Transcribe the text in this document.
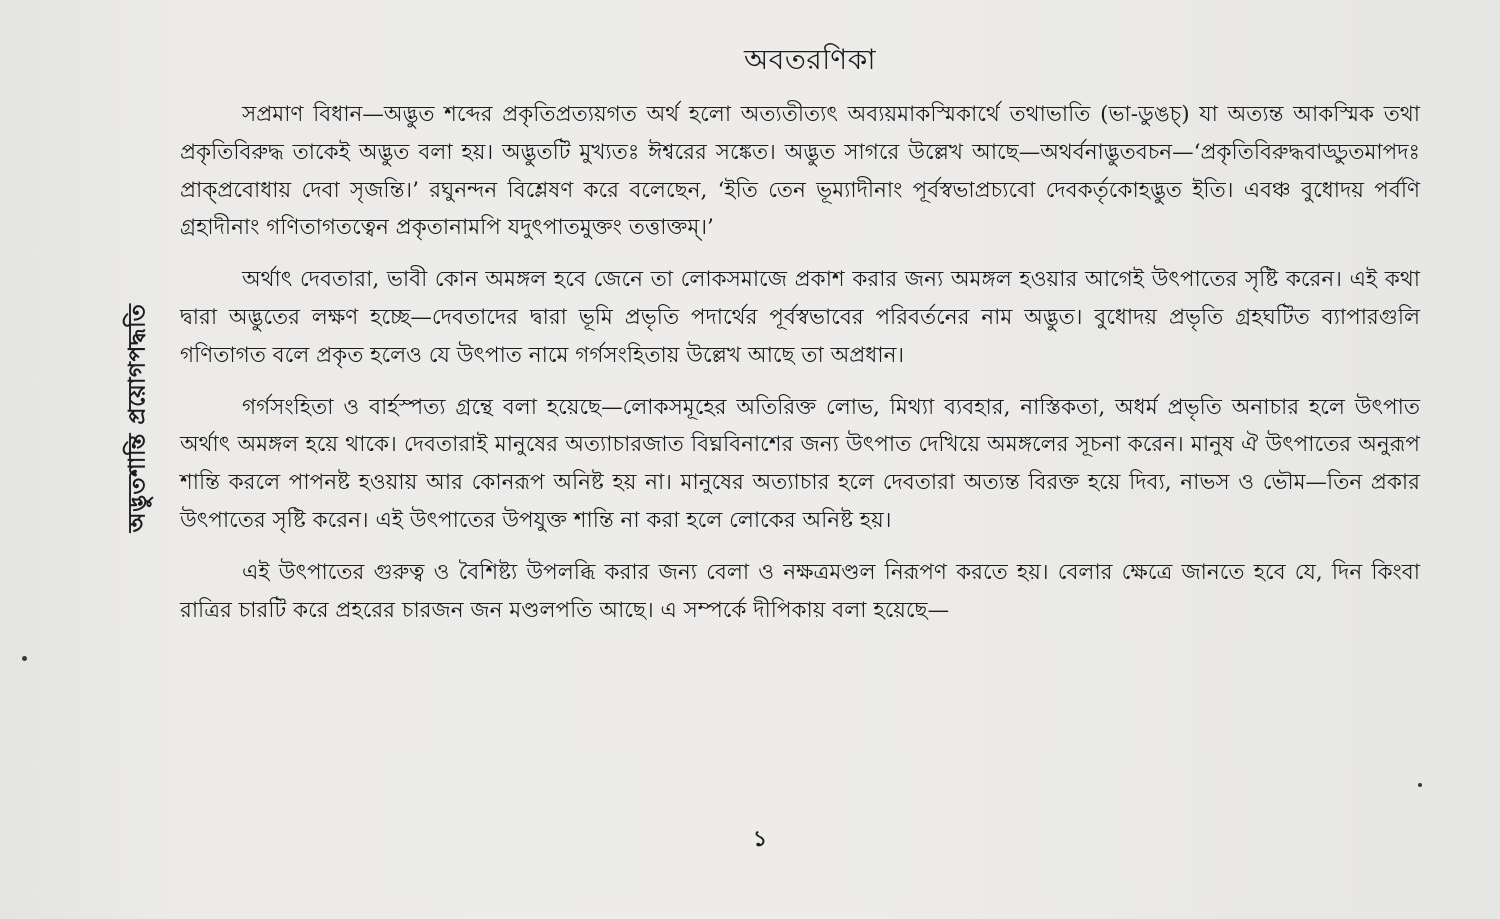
অদ্ভুতশান্তি প্রয়োগপদ্ধতি
অবতরণিকা

সপ্রমাণ বিধান—অদ্ভুত শব্দের প্রকৃতিপ্রত্যয়গত অর্থ হলো অত্যতীত্যৎ অব্যয়মাকস্মিকার্থে তথাভাতি (ভা-ডুঙচ্) যা অত্যন্ত আকস্মিক তথা প্রকৃতিবিরুদ্ধ তাকেই অদ্ভুত বলা হয়। অদ্ভুতটি মুখ্যতঃ ঈশ্বরের সঙ্কেত। অদ্ভুত সাগরে উল্লেখ আছে—অথর্বনাদ্ভুতবচন—‘প্রকৃতিবিরুদ্ধবাড্ডুতমাপদঃ প্রাক্প্রবোধায় দেবা সৃজন্তি।’ রঘুনন্দন বিশ্লেষণ করে বলেছেন, ‘ইতি তেন ভূম্যাদীনাং পূর্বস্বভাপ্রচ্যবো দেবকর্তৃকোহদ্ভুত ইতি। এবঞ্চ বুধোদয় পর্বণি গ্রহাদীনাং গণিতাগতত্বেন প্রকৃতানামপি যদুৎপাতমুক্তং তত্তাক্তম্।’

অর্থাৎ দেবতারা, ভাবী কোন অমঙ্গল হবে জেনে তা লোকসমাজে প্রকাশ করার জন্য অমঙ্গল হওয়ার আগেই উৎপাতের সৃষ্টি করেন। এই কথা দ্বারা অদ্ভুতের লক্ষণ হচ্ছে—দেবতাদের দ্বারা ভূমি প্রভৃতি পদার্থের পূর্বস্বভাবের পরিবর্তনের নাম অদ্ভুত। বুধোদয় প্রভৃতি গ্রহঘটিত ব্যাপারগুলি গণিতাগত বলে প্রকৃত হলেও যে উৎপাত নামে গর্গসংহিতায় উল্লেখ আছে তা অপ্রধান।

গর্গসংহিতা ও বার্হস্পত্য গ্রন্থে বলা হয়েছে—লোকসমূহের অতিরিক্ত লোভ, মিথ্যা ব্যবহার, নাস্তিকতা, অধর্ম প্রভৃতি অনাচার হলে উৎপাত অর্থাৎ অমঙ্গল হয়ে থাকে। দেবতারাই মানুষের অত্যাচারজাত বিঘ্নবিনাশের জন্য উৎপাত দেখিয়ে অমঙ্গলের সূচনা করেন। মানুষ ঐ উৎপাতের অনুরূপ শান্তি করলে পাপনষ্ট হওয়ায় আর কোনরূপ অনিষ্ট হয় না। মানুষের অত্যাচার হলে দেবতারা অত্যন্ত বিরক্ত হয়ে দিব্য, নাভস ও ভৌম—তিন প্রকার উৎপাতের সৃষ্টি করেন। এই উৎপাতের উপযুক্ত শান্তি না করা হলে লোকের অনিষ্ট হয়।

এই উৎপাতের গুরুত্ব ও বৈশিষ্ট্য উপলব্ধি করার জন্য বেলা ও নক্ষত্রমণ্ডল নিরূপণ করতে হয়। বেলার ক্ষেত্রে জানতে হবে যে, দিন কিংবা রাত্রির চারটি করে প্রহরের চারজন জন মণ্ডলপতি আছে। এ সম্পর্কে দীপিকায় বলা হয়েছে—

১
